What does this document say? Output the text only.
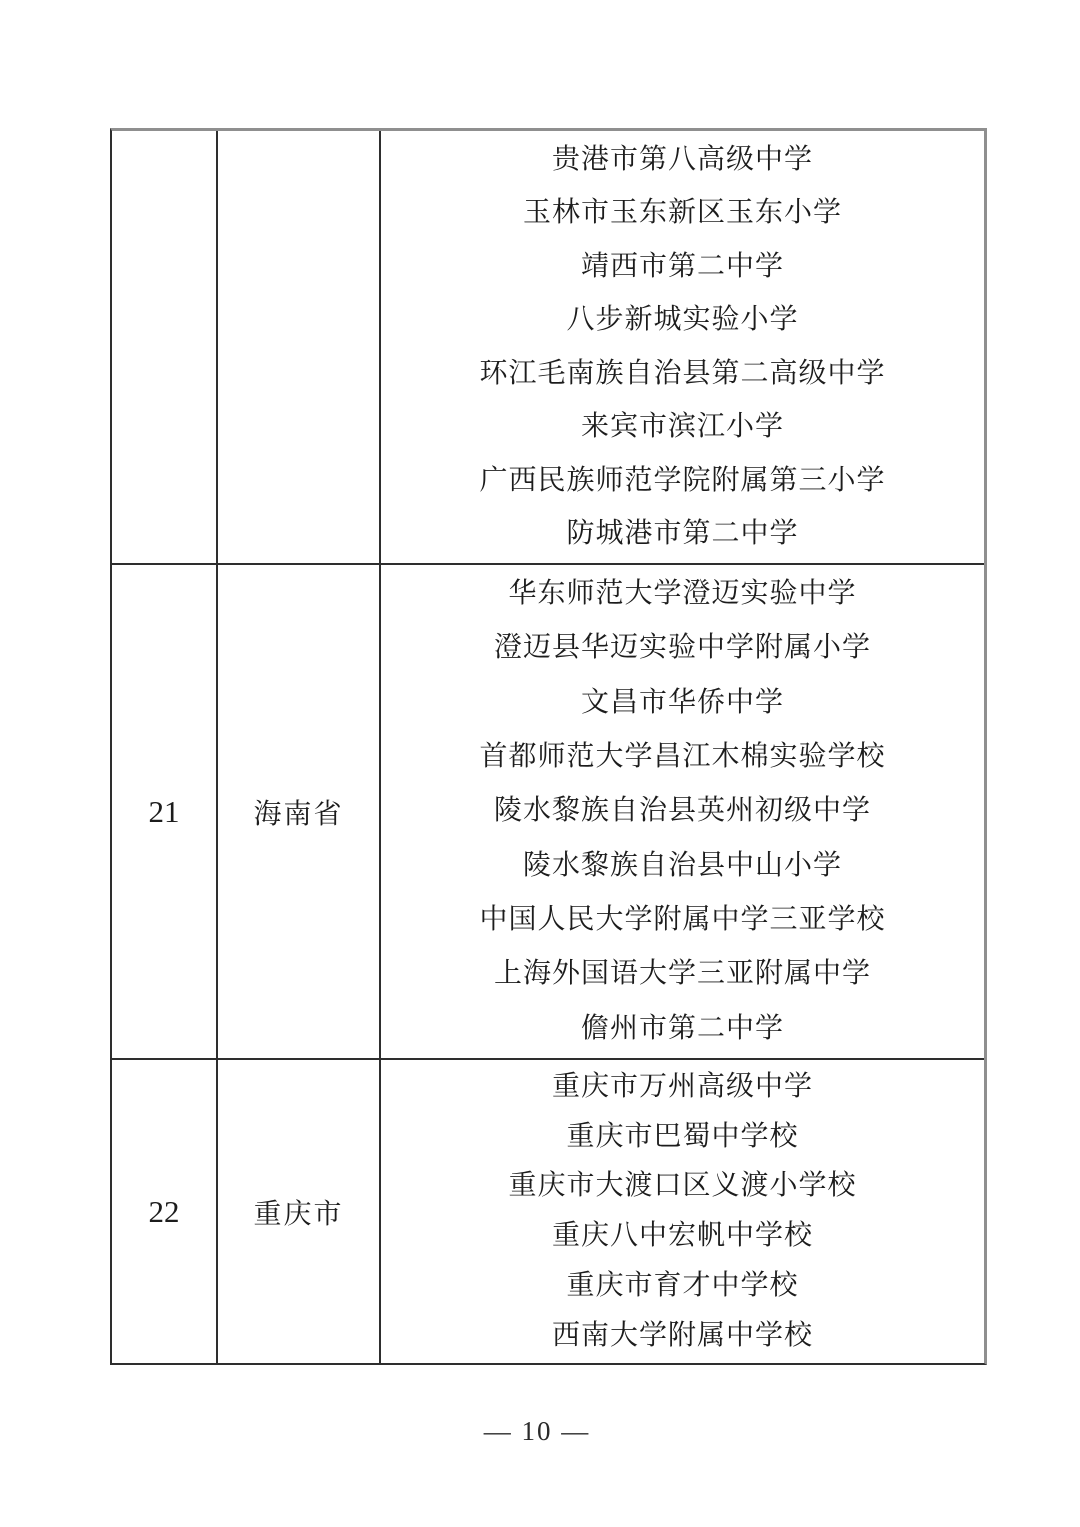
贵港市第八高级中学
玉林市玉东新区玉东小学
靖西市第二中学
八步新城实验小学
环江毛南族自治县第二高级中学
来宾市滨江小学
广西民族师范学院附属第三小学
防城港市第二中学
21	海南省
华东师范大学澄迈实验中学
澄迈县华迈实验中学附属小学
文昌市华侨中学
首都师范大学昌江木棉实验学校
陵水黎族自治县英州初级中学
陵水黎族自治县中山小学
中国人民大学附属中学三亚学校
上海外国语大学三亚附属中学
儋州市第二中学
22	重庆市
重庆市万州高级中学
重庆市巴蜀中学校
重庆市大渡口区义渡小学校
重庆八中宏帆中学校
重庆市育才中学校
西南大学附属中学校
— 10 —
